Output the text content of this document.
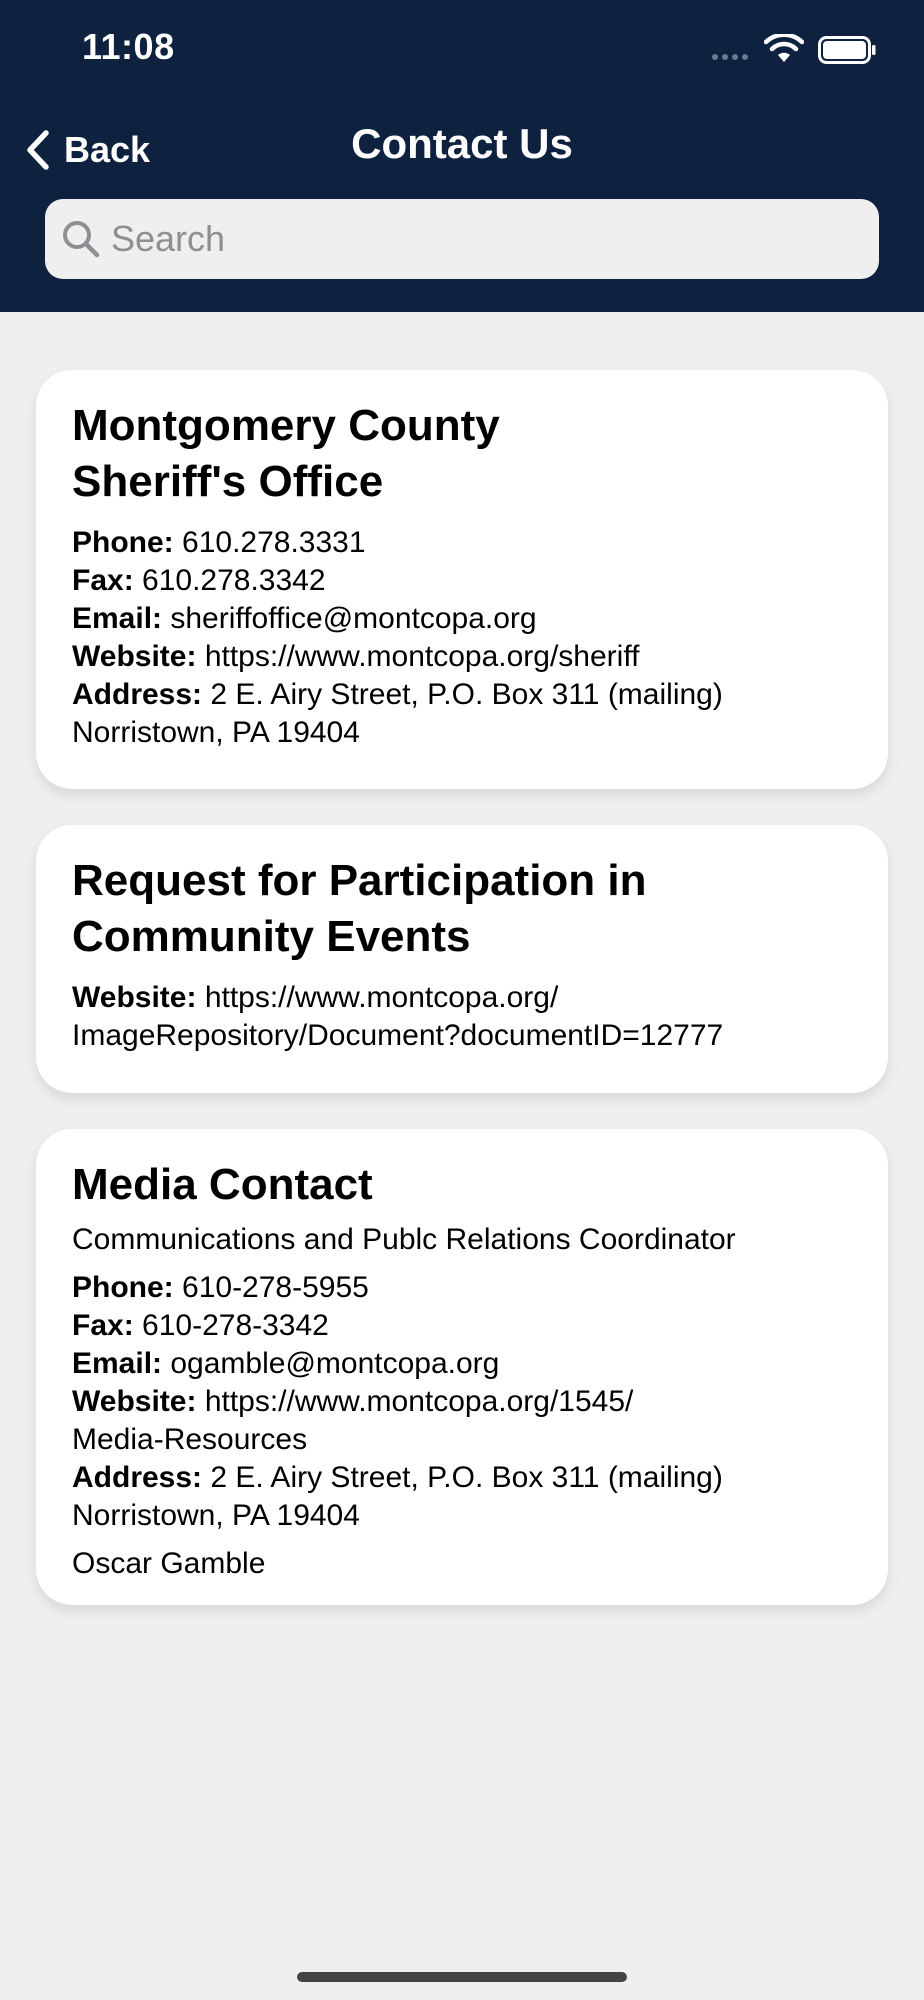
11:08
Back	Contact Us
Search
Montgomery County
Sheriff's Office
Phone: 610.278.3331
Fax: 610.278.3342
Email: sheriffoffice@montcopa.org
Website: https://www.montcopa.org/sheriff
Address: 2 E. Airy Street, P.O. Box 311 (mailing)
Norristown, PA 19404
Request for Participation in
Community Events
Website: https://www.montcopa.org/
ImageRepository/Document?documentID=12777
Media Contact
Communications and Publc Relations Coordinator
Phone: 610-278-5955
Fax: 610-278-3342
Email: ogamble@montcopa.org
Website: https://www.montcopa.org/1545/
Media-Resources
Address: 2 E. Airy Street, P.O. Box 311 (mailing)
Norristown, PA 19404
Oscar Gamble
